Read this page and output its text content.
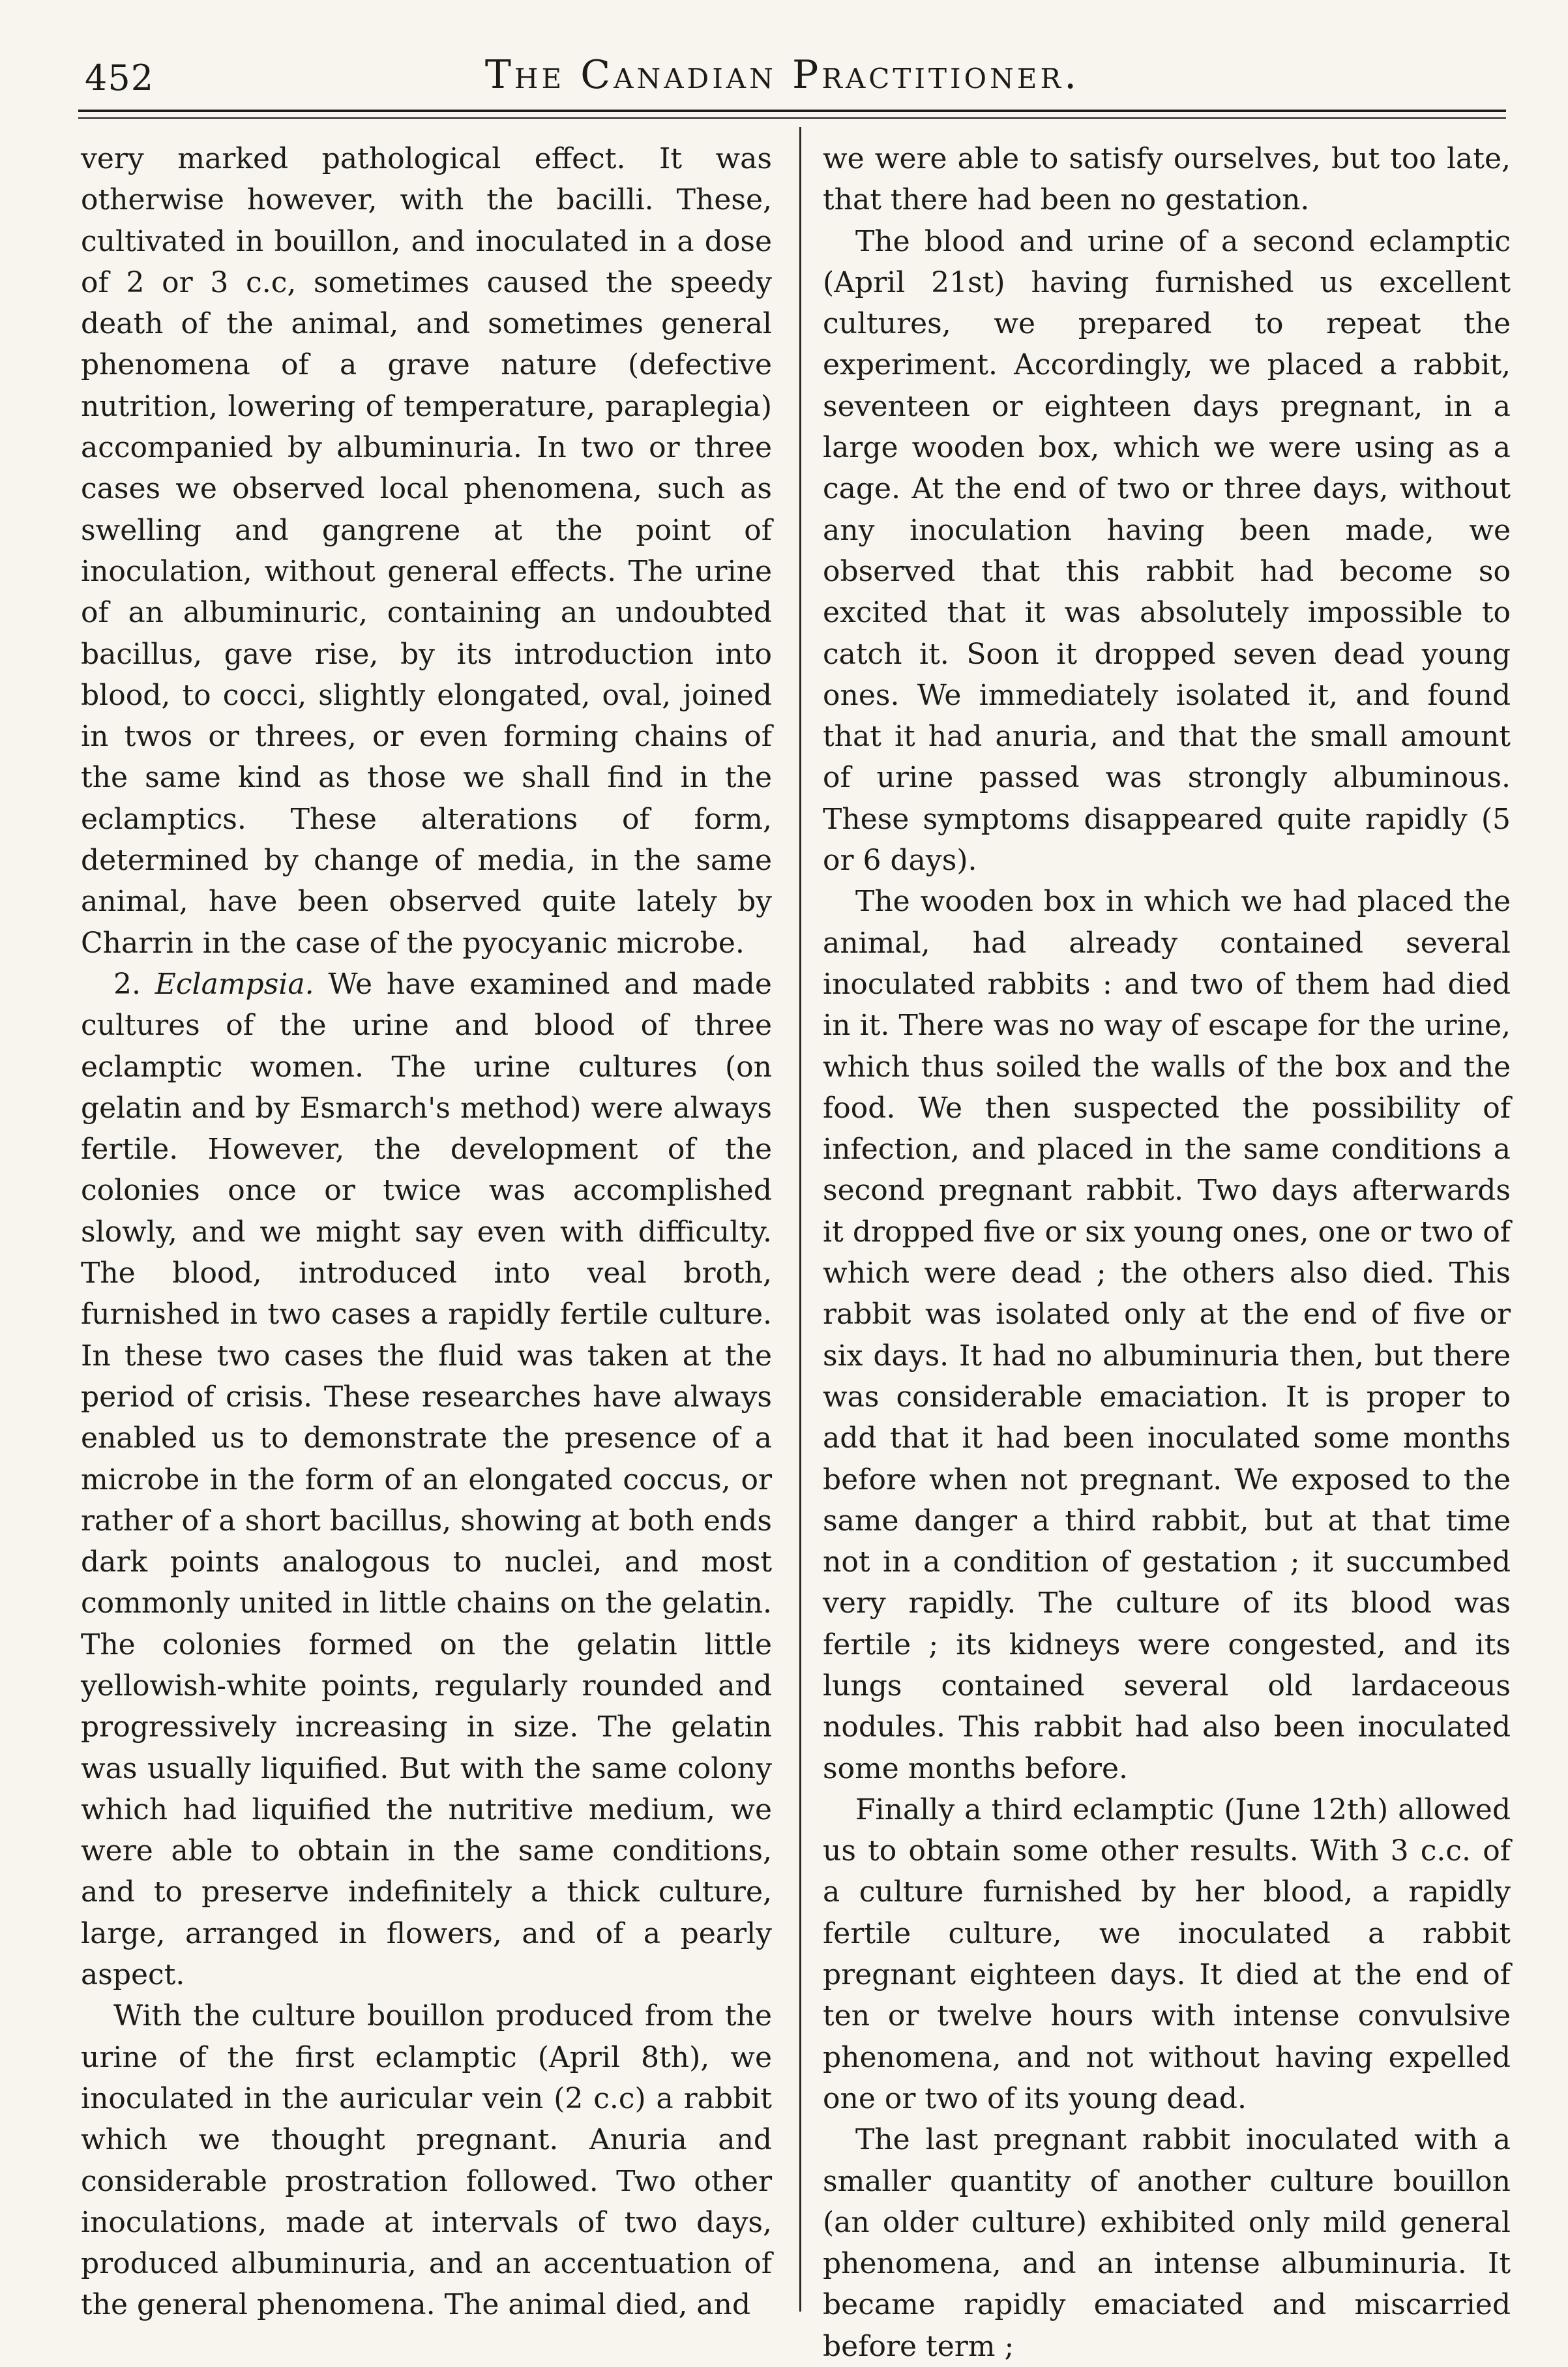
452	The Canadian Practitioner.

very marked pathological effect. It was otherwise however, with the bacilli. These, cultivated in bouillon, and inoculated in a dose of 2 or 3 c.c, sometimes caused the speedy death of the animal, and sometimes general phenomena of a grave nature (defective nutrition, lowering of temperature, paraplegia) accompanied by albuminuria. In two or three cases we observed local phenomena, such as swelling and gangrene at the point of inoculation, without general effects. The urine of an albuminuric, containing an undoubted bacillus, gave rise, by its introduction into blood, to cocci, slightly elongated, oval, joined in twos or threes, or even forming chains of the same kind as those we shall find in the eclamptics. These alterations of form, determined by change of media, in the same animal, have been observed quite lately by Charrin in the case of the pyocyanic microbe.

2. Eclampsia. We have examined and made cultures of the urine and blood of three eclamptic women. The urine cultures (on gelatin and by Esmarch's method) were always fertile. However, the development of the colonies once or twice was accomplished slowly, and we might say even with difficulty. The blood, introduced into veal broth, furnished in two cases a rapidly fertile culture. In these two cases the fluid was taken at the period of crisis. These researches have always enabled us to demonstrate the presence of a microbe in the form of an elongated coccus, or rather of a short bacillus, showing at both ends dark points analogous to nuclei, and most commonly united in little chains on the gelatin. The colonies formed on the gelatin little yellowish-white points, regularly rounded and progressively increasing in size. The gelatin was usually liquified. But with the same colony which had liquified the nutritive medium, we were able to obtain in the same conditions, and to preserve indefinitely a thick culture, large, arranged in flowers, and of a pearly aspect.

With the culture bouillon produced from the urine of the first eclamptic (April 8th), we inoculated in the auricular vein (2 c.c) a rabbit which we thought pregnant. Anuria and considerable prostration followed. Two other inoculations, made at intervals of two days, produced albuminuria, and an accentuation of the general phenomena. The animal died, and

we were able to satisfy ourselves, but too late, that there had been no gestation.

The blood and urine of a second eclamptic (April 21st) having furnished us excellent cultures, we prepared to repeat the experiment. Accordingly, we placed a rabbit, seventeen or eighteen days pregnant, in a large wooden box, which we were using as a cage. At the end of two or three days, without any inoculation having been made, we observed that this rabbit had become so excited that it was absolutely impossible to catch it. Soon it dropped seven dead young ones. We immediately isolated it, and found that it had anuria, and that the small amount of urine passed was strongly albuminous. These symptoms disappeared quite rapidly (5 or 6 days).

The wooden box in which we had placed the animal, had already contained several inoculated rabbits : and two of them had died in it. There was no way of escape for the urine, which thus soiled the walls of the box and the food. We then suspected the possibility of infection, and placed in the same conditions a second pregnant rabbit. Two days afterwards it dropped five or six young ones, one or two of which were dead ; the others also died. This rabbit was isolated only at the end of five or six days. It had no albuminuria then, but there was considerable emaciation. It is proper to add that it had been inoculated some months before when not pregnant. We exposed to the same danger a third rabbit, but at that time not in a condition of gestation ; it succumbed very rapidly. The culture of its blood was fertile ; its kidneys were congested, and its lungs contained several old lardaceous nodules. This rabbit had also been inoculated some months before.

Finally a third eclamptic (June 12th) allowed us to obtain some other results. With 3 c.c. of a culture furnished by her blood, a rapidly fertile culture, we inoculated a rabbit pregnant eighteen days. It died at the end of ten or twelve hours with intense convulsive phenomena, and not without having expelled one or two of its young dead.

The last pregnant rabbit inoculated with a smaller quantity of another culture bouillon (an older culture) exhibited only mild general phenomena, and an intense albuminuria. It became rapidly emaciated and miscarried before term ;
